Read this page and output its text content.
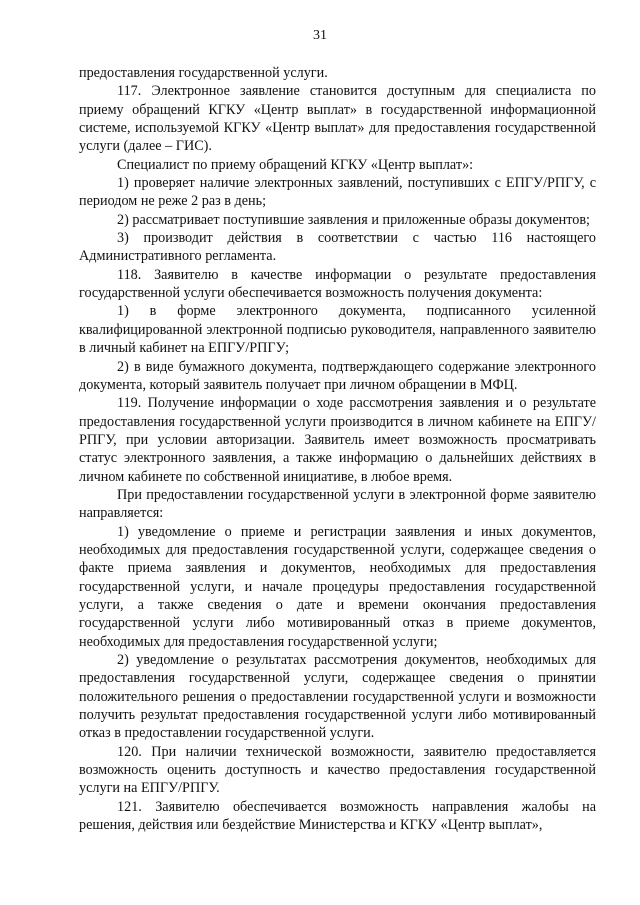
31

предоставления государственной услуги.

117. Электронное заявление становится доступным для специалиста по приему обращений КГКУ «Центр выплат» в государственной информационной системе, используемой КГКУ «Центр выплат» для предоставления государственной услуги (далее – ГИС).

Специалист по приему обращений КГКУ «Центр выплат»:

1) проверяет наличие электронных заявлений, поступивших с ЕПГУ/РПГУ, с периодом не реже 2 раз в день;

2) рассматривает поступившие заявления и приложенные образы документов;

3) производит действия в соответствии с частью 116 настоящего Административного регламента.

118. Заявителю в качестве информации о результате предоставления государственной услуги обеспечивается возможность получения документа:

1) в форме электронного документа, подписанного усиленной квалифицированной электронной подписью руководителя, направленного заявителю в личный кабинет на ЕПГУ/РПГУ;

2) в виде бумажного документа, подтверждающего содержание электронного документа, который заявитель получает при личном обращении в МФЦ.

119. Получение информации о ходе рассмотрения заявления и о результате предоставления государственной услуги производится в личном кабинете на ЕПГУ/РПГУ, при условии авторизации. Заявитель имеет возможность просматривать статус электронного заявления, а также информацию о дальнейших действиях в личном кабинете по собственной инициативе, в любое время.

При предоставлении государственной услуги в электронной форме заявителю направляется:

1) уведомление о приеме и регистрации заявления и иных документов, необходимых для предоставления государственной услуги, содержащее сведения о факте приема заявления и документов, необходимых для предоставления государственной услуги, и начале процедуры предоставления государственной услуги, а также сведения о дате и времени окончания предоставления государственной услуги либо мотивированный отказ в приеме документов, необходимых для предоставления государственной услуги;

2) уведомление о результатах рассмотрения документов, необходимых для предоставления государственной услуги, содержащее сведения о принятии положительного решения о предоставлении государственной услуги и возможности получить результат предоставления государственной услуги либо мотивированный отказ в предоставлении государственной услуги.

120. При наличии технической возможности, заявителю предоставляется возможность оценить доступность и качество предоставления государственной услуги на ЕПГУ/РПГУ.

121. Заявителю обеспечивается возможность направления жалобы на решения, действия или бездействие Министерства и КГКУ «Центр выплат»,
